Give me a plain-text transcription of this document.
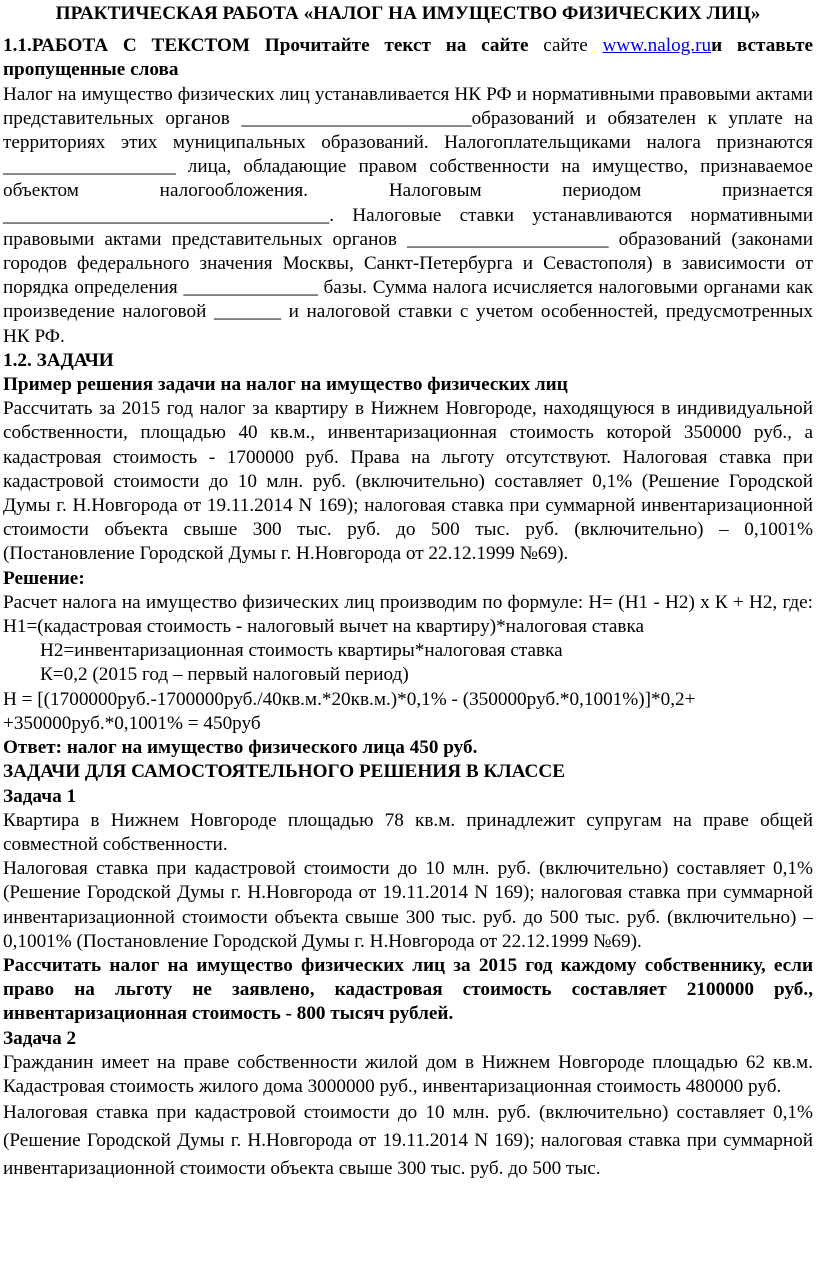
ПРАКТИЧЕСКАЯ РАБОТА «НАЛОГ НА ИМУЩЕСТВО ФИЗИЧЕСКИХ ЛИЦ»

1.1.РАБОТА С ТЕКСТОМ Прочитайте текст на сайте сайте www.nalog.ruи вставьте пропущенные слова

Налог на имущество физических лиц устанавливается НК РФ и нормативными правовыми актами представительных органов ________________________образований и обязателен к уплате на территориях этих муниципальных образований. Налогоплательщиками налога признаются __________________ лица, обладающие правом собственности на имущество, признаваемое объектом налогообложения. Налоговым периодом признается __________________________________. Налоговые ставки устанавливаются нормативными правовыми актами представительных органов _____________________ образований (законами городов федерального значения Москвы, Санкт-Петербурга и Севастополя) в зависимости от порядка определения ______________ базы. Сумма налога исчисляется налоговыми органами как произведение налоговой _______ и налоговой ставки с учетом особенностей, предусмотренных НК РФ.

1.2. ЗАДАЧИ

Пример решения задачи на налог на имущество физических лиц

Рассчитать за 2015 год налог за квартиру в Нижнем Новгороде, находящуюся в индивидуальной собственности, площадью 40 кв.м., инвентаризационная стоимость которой 350000 руб., а кадастровая стоимость - 1700000 руб. Права на льготу отсутствуют. Налоговая ставка при кадастровой стоимости до 10 млн. руб. (включительно) составляет 0,1% (Решение Городской Думы г. Н.Новгорода от 19.11.2014 N 169); налоговая ставка при суммарной инвентаризационной стоимости объекта свыше 300 тыс. руб. до 500 тыс. руб. (включительно) – 0,1001% (Постановление Городской Думы г. Н.Новгорода от 22.12.1999 №69).

Решение:

Расчет налога на имущество физических лиц производим по формуле: Н= (Н1 - Н2) х К + Н2, где: Н1=(кадастровая стоимость - налоговый вычет на квартиру)*налоговая ставка

Н2=инвентаризационная стоимость квартиры*налоговая ставка

К=0,2 (2015 год – первый налоговый период)

Н = [(1700000руб.-1700000руб./40кв.м.*20кв.м.)*0,1% - (350000руб.*0,1001%)]*0,2+ +350000руб.*0,1001% = 450руб

Ответ: налог на имущество физического лица 450 руб.

ЗАДАЧИ ДЛЯ САМОСТОЯТЕЛЬНОГО РЕШЕНИЯ В КЛАССЕ

Задача 1

Квартира в Нижнем Новгороде площадью 78 кв.м. принадлежит супругам на праве общей совместной собственности.

Налоговая ставка при кадастровой стоимости до 10 млн. руб. (включительно) составляет 0,1% (Решение Городской Думы г. Н.Новгорода от 19.11.2014 N 169); налоговая ставка при суммарной инвентаризационной стоимости объекта свыше 300 тыс. руб. до 500 тыс. руб. (включительно) – 0,1001% (Постановление Городской Думы г. Н.Новгорода от 22.12.1999 №69).

Рассчитать налог на имущество физических лиц за 2015 год каждому собственнику, если право на льготу не заявлено, кадастровая стоимость составляет 2100000 руб., инвентаризационная стоимость - 800 тысяч рублей.

Задача 2

Гражданин имеет на праве собственности жилой дом в Нижнем Новгороде площадью 62 кв.м. Кадастровая стоимость жилого дома 3000000 руб., инвентаризационная стоимость 480000 руб.

Налоговая ставка при кадастровой стоимости до 10 млн. руб. (включительно) составляет 0,1% (Решение Городской Думы г. Н.Новгорода от 19.11.2014 N 169); налоговая ставка при суммарной инвентаризационной стоимости объекта свыше 300 тыс. руб. до 500 тыс.
